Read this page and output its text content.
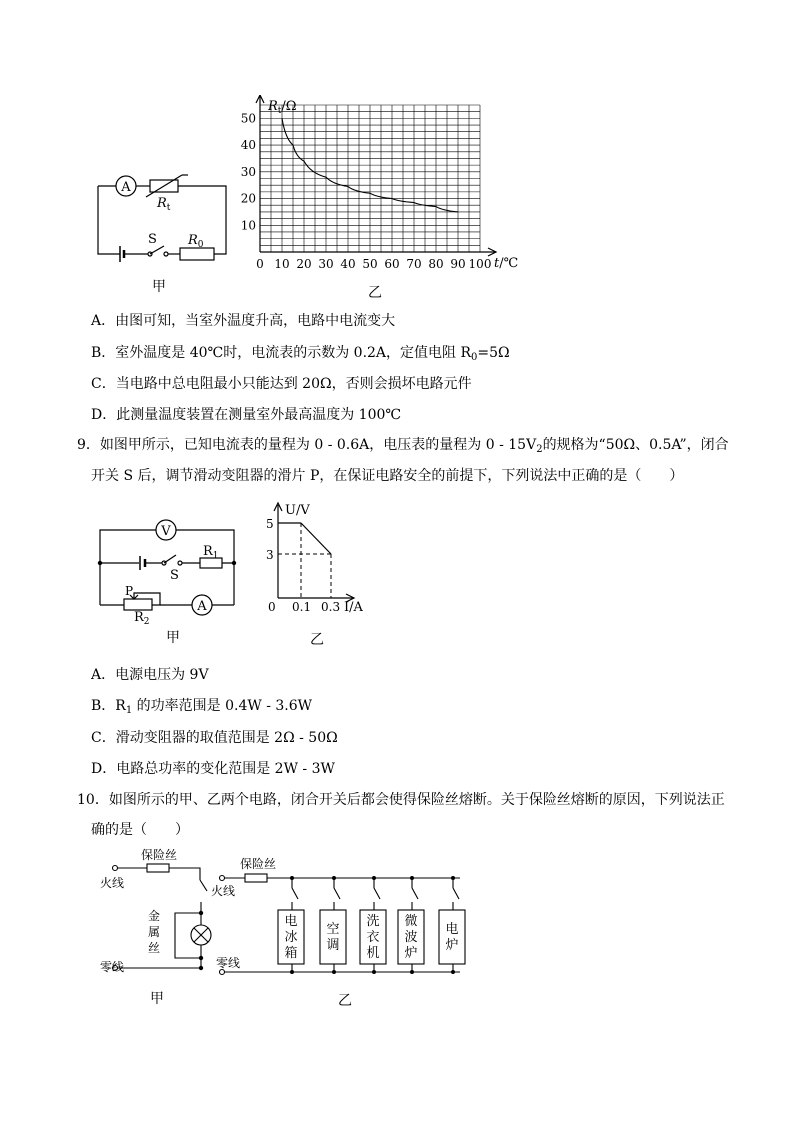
A
$R_t$
S $R_0$
甲
0 10 20 30 40 50 60 70 80 90 100
10
20
30
40
50
$R_t/\Omega$
t/℃
乙
A．由图可知，当室外温度升高，电路中电流变大
B．室外温度是 40℃时，电流表的示数为 0.2A，定值电阻 $R_0=5\Omega$
C．当电路中总电阻最小只能达到 20Ω，否则会损坏电路元件
D．此测量温度装置在测量室外最高温度为 100℃
9．如图甲所示，已知电流表的量程为 0 - 0.6A，电压表的量程为 $0 - 15V_2$的规格为“50Ω、0.5A”，闭合
开关 S 后，调节滑动变阻器的滑片 P，在保证电路安全的前提下，下列说法中正确的是（　　）
V
A
$R_1$
S
P
$R_2$
甲
U/V
5
3
0 0.1 0.3 I/A
乙
A．电源电压为 9V
B．$R_1$ 的功率范围是 0.4W - 3.6W
C．滑动变阻器的取值范围是 2Ω - 50Ω
D．电路总功率的变化范围是 2W - 3W
10．如图所示的甲、乙两个电路，闭合开关后都会使得保险丝熔断。关于保险丝熔断的原因，下列说法正
确的是（　　）
保险丝
火线
火线
金
属
丝
零线
甲
电
冰
箱
空
调
洗
衣
机
微
波
炉
电
炉
保险丝
零线
乙
